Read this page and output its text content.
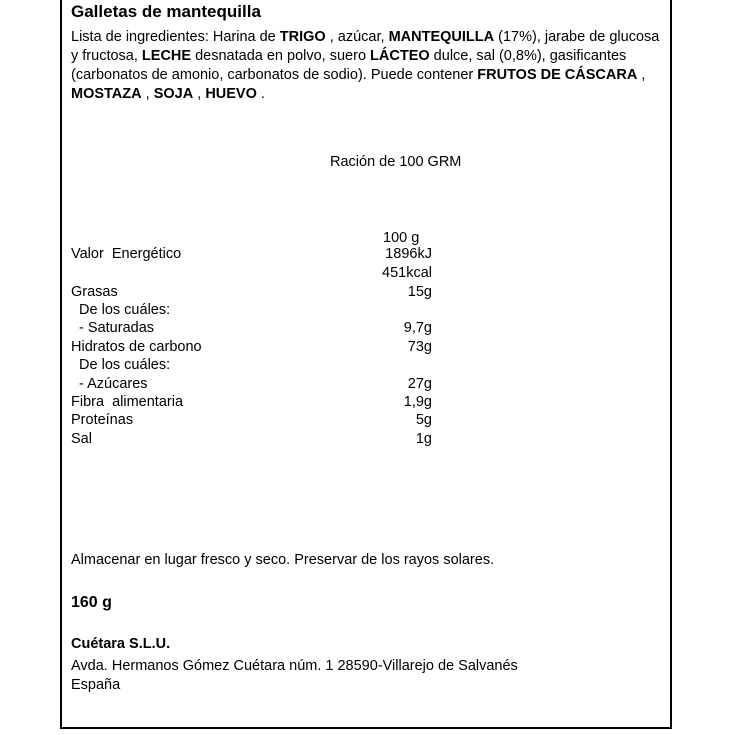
Galletas de mantequilla
Lista de ingredientes: Harina de TRIGO , azúcar, MANTEQUILLA (17%), jarabe de glucosa y fructosa, LECHE desnatada en polvo, suero LÁCTEO dulce, sal (0,8%), gasificantes (carbonatos de amonio, carbonatos de sodio). Puede contener FRUTOS DE CÁSCARA , MOSTAZA , SOJA , HUEVO .
Ración de 100 GRM
100 g
Valor  Energético	1896kJ
451kcal
Grasas	15g
De los cuáles:
- Saturadas	9,7g
Hidratos de carbono	73g
De los cuáles:
- Azúcares	27g
Fibra  alimentaria	1,9g
Proteínas	5g
Sal	1g
Almacenar en lugar fresco y seco. Preservar de los rayos solares.
160 g
Cuétara S.L.U.
Avda. Hermanos Gómez Cuétara núm. 1 28590-Villarejo de Salvanés
España
